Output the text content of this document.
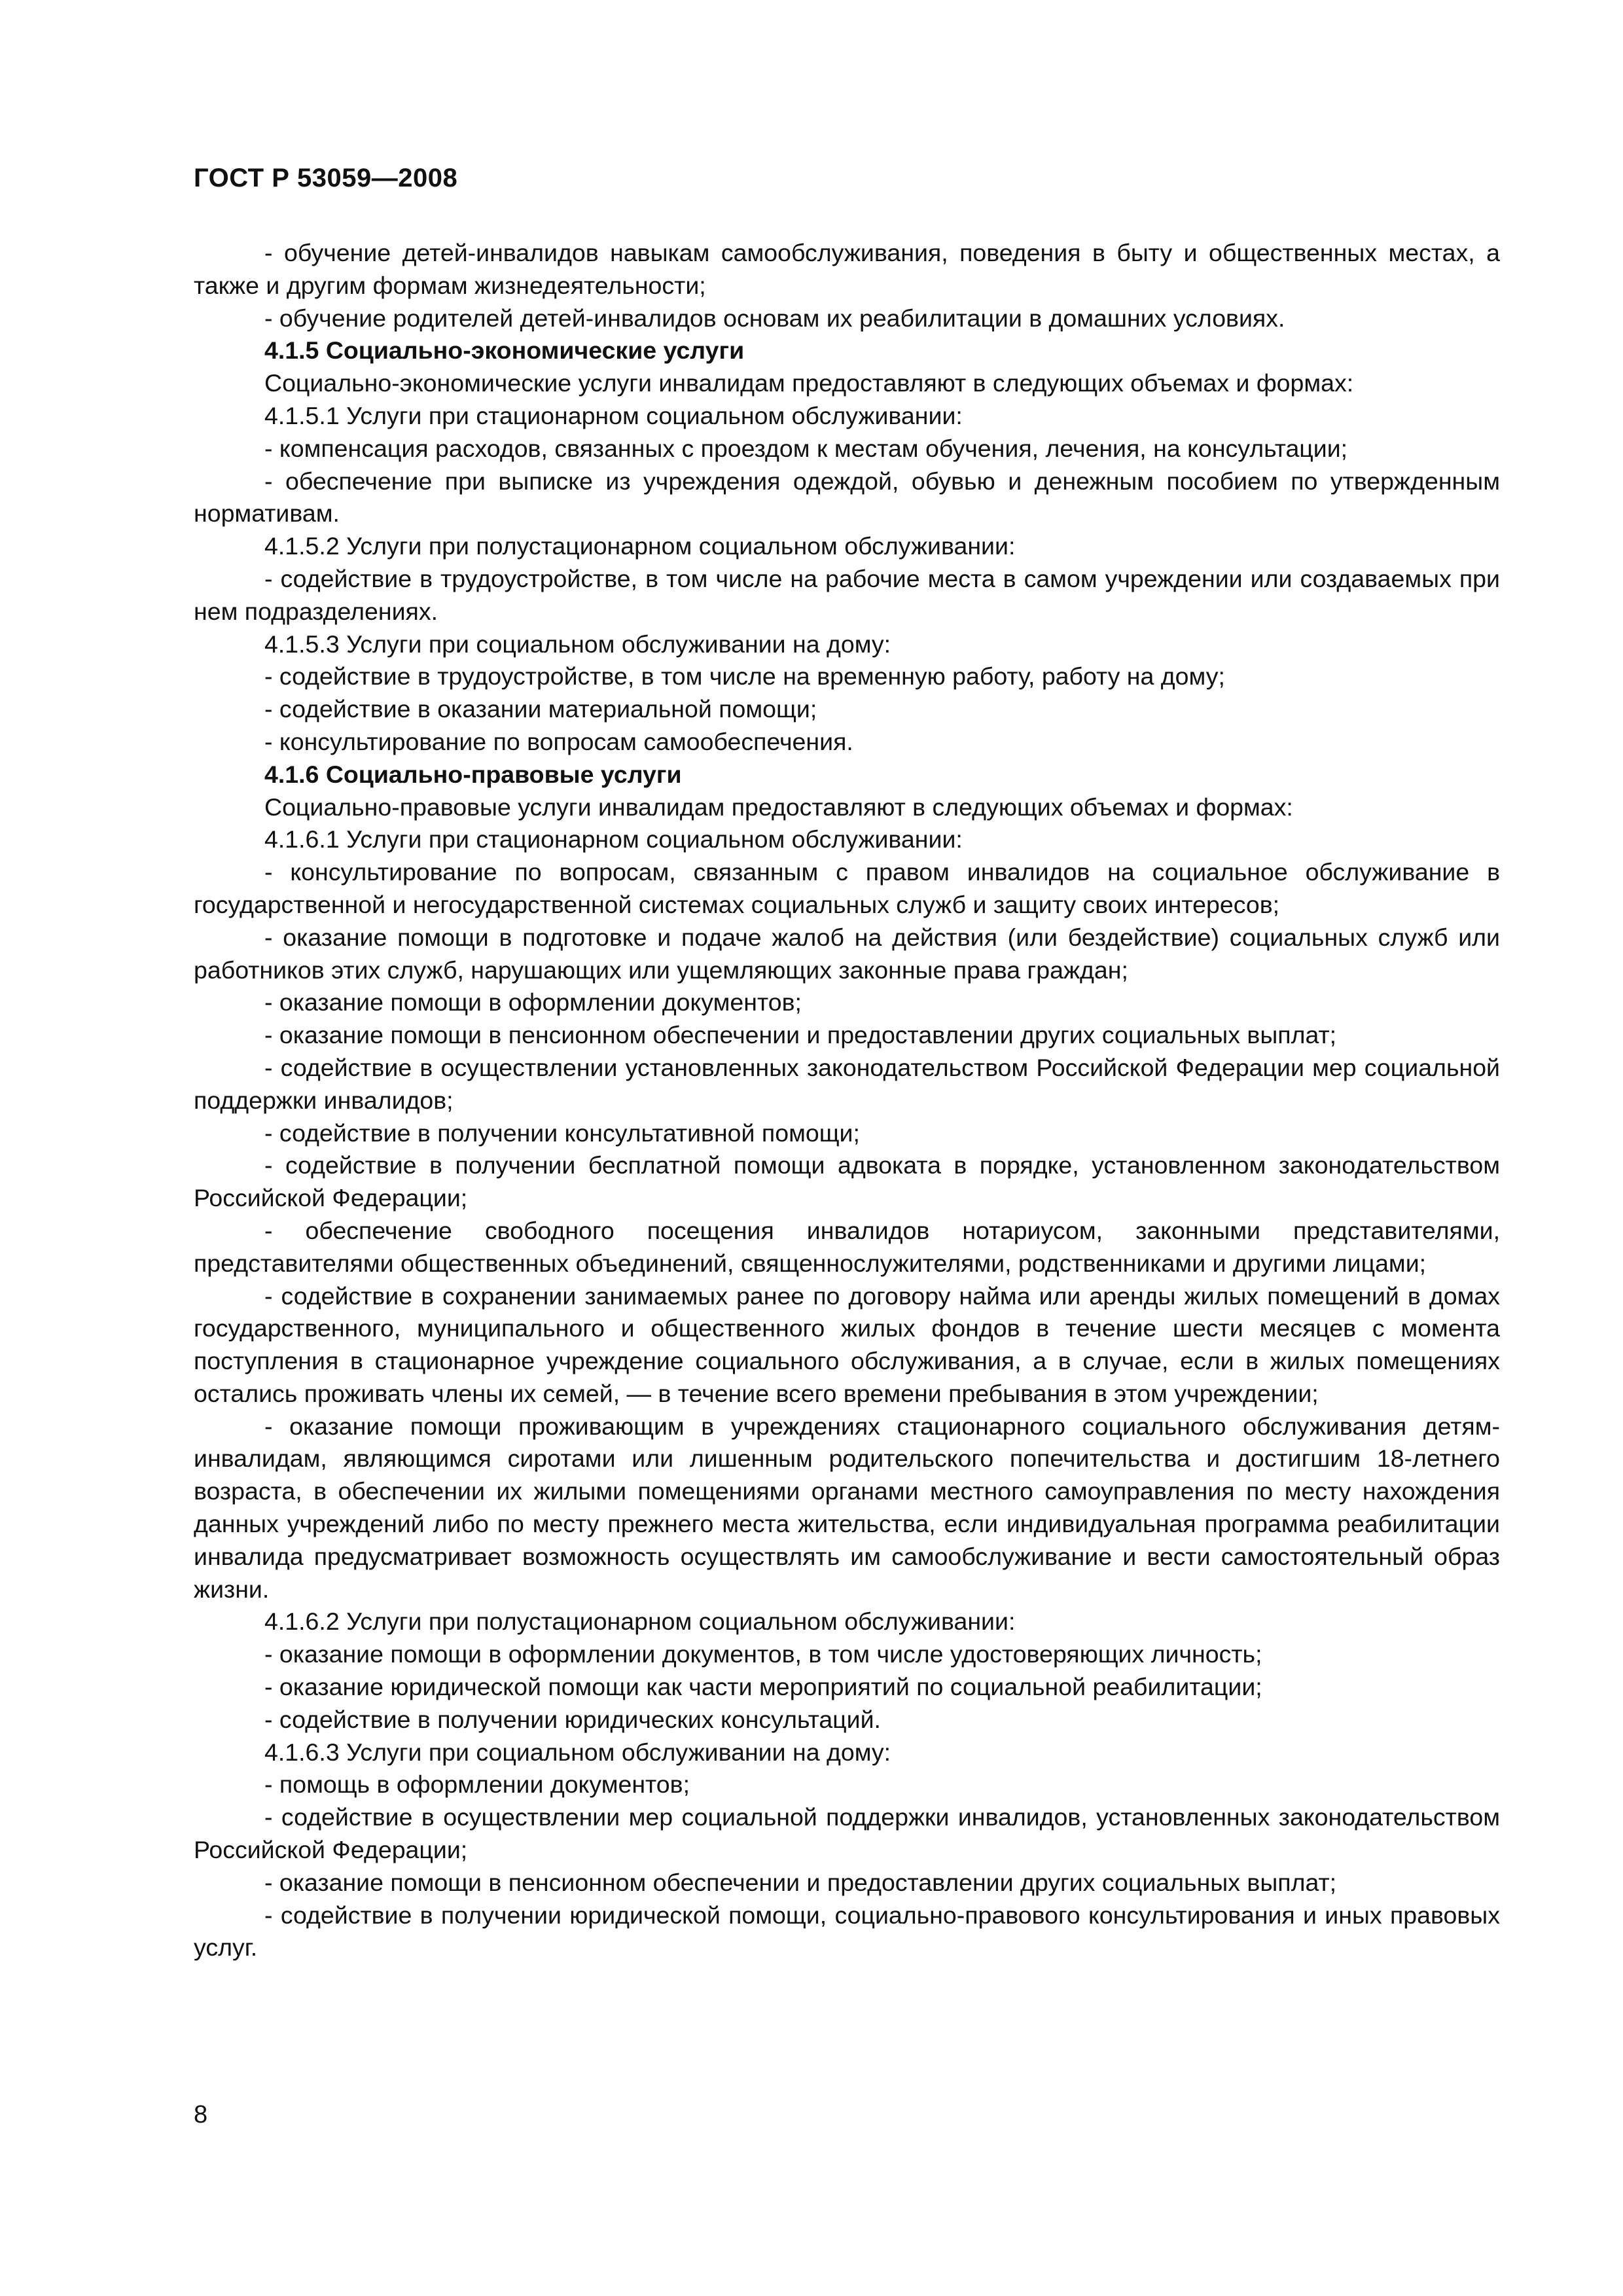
ГОСТ Р 53059—2008

- обучение детей-инвалидов навыкам самообслуживания, поведения в быту и общественных местах, а также и другим формам жизнедеятельности;

- обучение родителей детей-инвалидов основам их реабилитации в домашних условиях.

4.1.5 Социально-экономические услуги

Социально-экономические услуги инвалидам предоставляют в следующих объемах и формах:

4.1.5.1 Услуги при стационарном социальном обслуживании:

- компенсация расходов, связанных с проездом к местам обучения, лечения, на консультации;

- обеспечение при выписке из учреждения одеждой, обувью и денежным пособием по утвержденным нормативам.

4.1.5.2 Услуги при полустационарном социальном обслуживании:

- содействие в трудоустройстве, в том числе на рабочие места в самом учреждении или создаваемых при нем подразделениях.

4.1.5.3 Услуги при социальном обслуживании на дому:

- содействие в трудоустройстве, в том числе на временную работу, работу на дому;

- содействие в оказании материальной помощи;

- консультирование по вопросам самообеспечения.

4.1.6 Социально-правовые услуги

Социально-правовые услуги инвалидам предоставляют в следующих объемах и формах:

4.1.6.1 Услуги при стационарном социальном обслуживании:

- консультирование по вопросам, связанным с правом инвалидов на социальное обслуживание в государственной и негосударственной системах социальных служб и защиту своих интересов;

- оказание помощи в подготовке и подаче жалоб на действия (или бездействие) социальных служб или работников этих служб, нарушающих или ущемляющих законные права граждан;

- оказание помощи в оформлении документов;

- оказание помощи в пенсионном обеспечении и предоставлении других социальных выплат;

- содействие в осуществлении установленных законодательством Российской Федерации мер социальной поддержки инвалидов;

- содействие в получении консультативной помощи;

- содействие в получении бесплатной помощи адвоката в порядке, установленном законодательством Российской Федерации;

- обеспечение свободного посещения инвалидов нотариусом, законными представителями, представителями общественных объединений, священнослужителями, родственниками и другими лицами;

- содействие в сохранении занимаемых ранее по договору найма или аренды жилых помещений в домах государственного, муниципального и общественного жилых фондов в течение шести месяцев с момента поступления в стационарное учреждение социального обслуживания, а в случае, если в жилых помещениях остались проживать члены их семей, — в течение всего времени пребывания в этом учреждении;

- оказание помощи проживающим в учреждениях стационарного социального обслуживания детям-инвалидам, являющимся сиротами или лишенным родительского попечительства и достигшим 18-летнего возраста, в обеспечении их жилыми помещениями органами местного самоуправления по месту нахождения данных учреждений либо по месту прежнего места жительства, если индивидуальная программа реабилитации инвалида предусматривает возможность осуществлять им самообслуживание и вести самостоятельный образ жизни.

4.1.6.2 Услуги при полустационарном социальном обслуживании:

- оказание помощи в оформлении документов, в том числе удостоверяющих личность;

- оказание юридической помощи как части мероприятий по социальной реабилитации;

- содействие в получении юридических консультаций.

4.1.6.3 Услуги при социальном обслуживании на дому:

- помощь в оформлении документов;

- содействие в осуществлении мер социальной поддержки инвалидов, установленных законодательством Российской Федерации;

- оказание помощи в пенсионном обеспечении и предоставлении других социальных выплат;

- содействие в получении юридической помощи, социально-правового консультирования и иных правовых услуг.

8
